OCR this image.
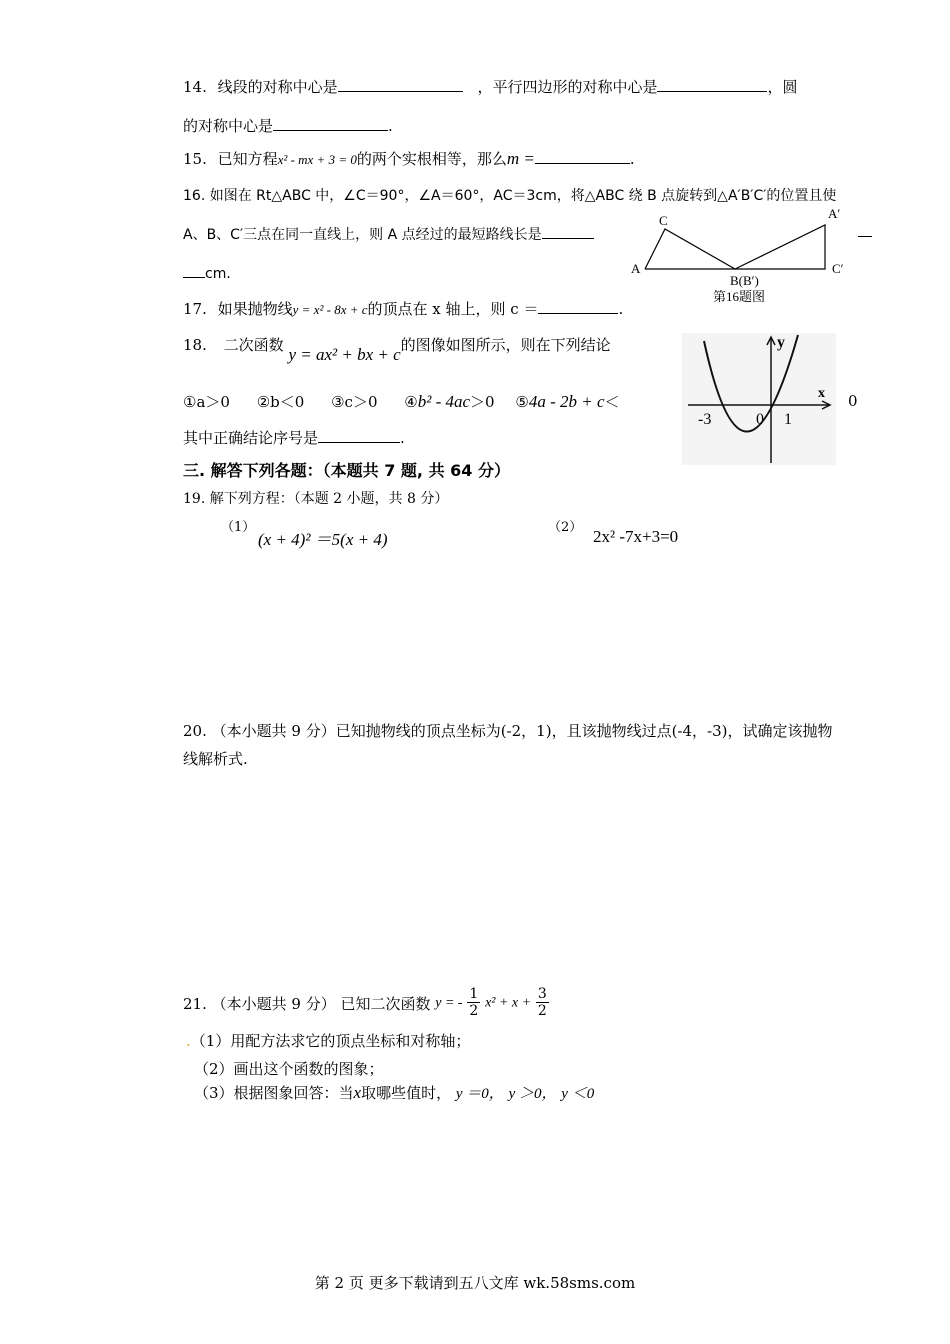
14. 线段的对称中心是	，平行四边形的对称中心是	，圆
的对称中心是	.
15. 已知方程x² - mx + 3 = 0的两个实根相等，那么m =	.
16. 如图在 Rt△ABC 中，∠C＝90°，∠A＝60°，AC＝3cm，将△ABC 绕 B 点旋转到△A′B′C′的位置且使
A、B、C′三点在同一直线上，则 A 点经过的最短路线长是
cm.	A
C
B(B′)
A′
C′
第16题图
17. 如果抛物线y = x² - 8x + c的顶点在 x 轴上，则 c ＝	.
18. 二次函数 y = ax² + bx + c的图像如图所示，则在下列结论
①a＞0 ②b＜0 ③c＞0 ④b² - 4ac＞0 ⑤4a - 2b + c＜	0
其中正确结论序号是	.
y
x
-3	0 1
三. 解答下列各题：（本题共 7 题, 共 64 分）
19. 解下列方程：（本题 2 小题，共 8 分）
（1）
(x + 4)² ＝5(x + 4)
（2） 2x² -7x+3=0
20. （本小题共 9 分）已知抛物线的顶点坐标为(-2，1)，且该抛物线过点(-4，-3)，试确定该抛物
线解析式.
21. （本小题共 9 分） 已知二次函数 y = - $\frac{1}{2} x^2 + x + \frac{3}{2}$
.（1）用配方法求它的顶点坐标和对称轴；
（2）画出这个函数的图象；
（3）根据图象回答：当x取哪些值时， y ＝0， y ＞0， y ＜0
第 2 页 更多下载请到五八文库 wk.58sms.com
